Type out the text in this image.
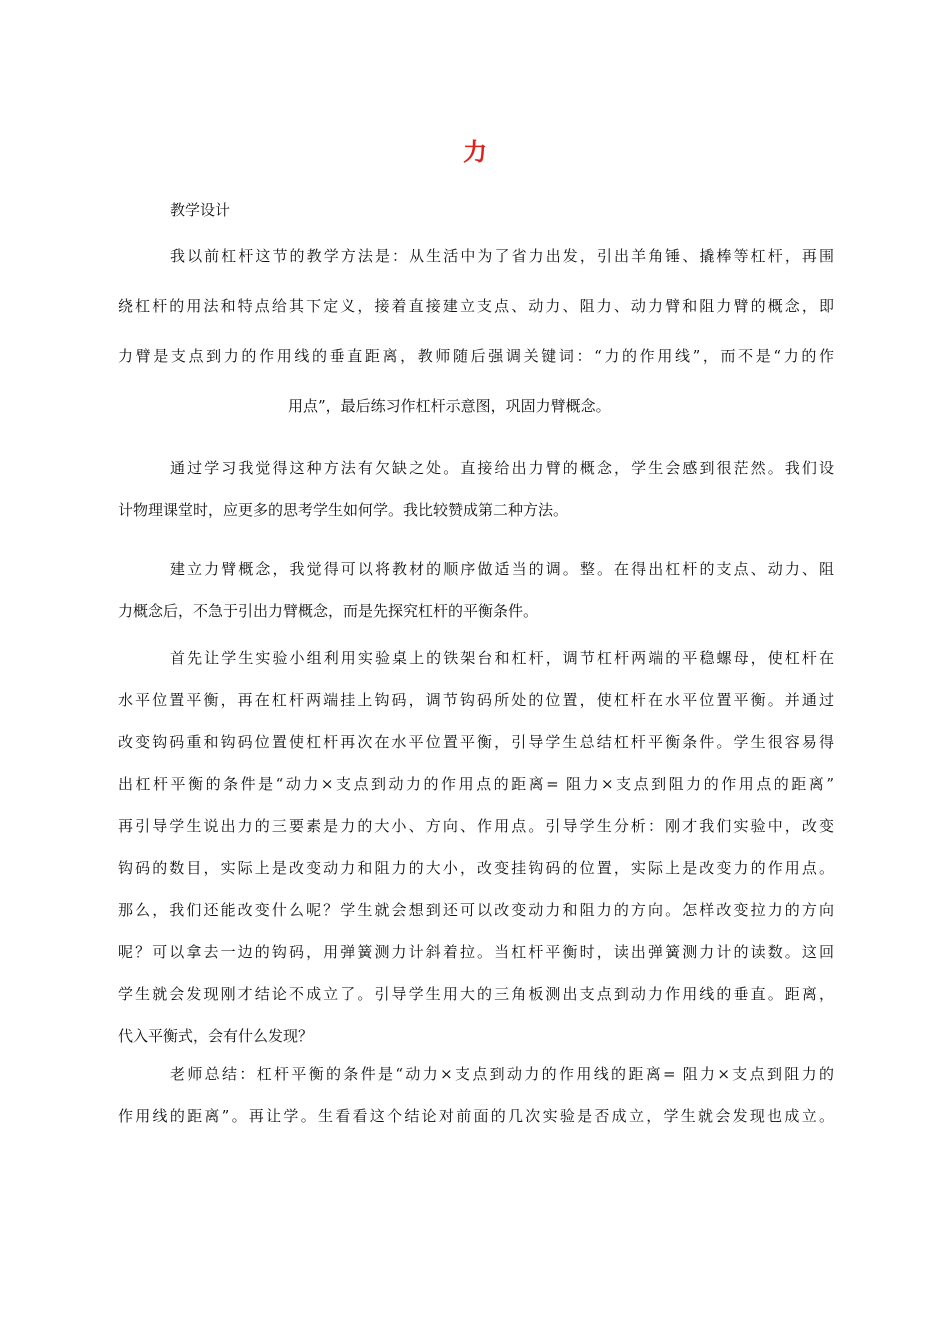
力
教学设计

我以前杠杆这节的教学方法是：从生活中为了省力出发，引出羊角锤、撬棒等杠杆，再围

绕杠杆的用法和特点给其下定义，接着直接建立支点、动力、阻力、动力臂和阻力臂的概念，即

力臂是支点到力的作用线的垂直距离，教师随后强调关键词：“力的作用线”，而不是“力的作

用点”，最后练习作杠杆示意图，巩固力臂概念。

通过学习我觉得这种方法有欠缺之处。直接给出力臂的概念，学生会感到很茫然。我们设

计物理课堂时，应更多的思考学生如何学。我比较赞成第二种方法。

建立力臂概念，我觉得可以将教材的顺序做适当的调。整。在得出杠杆的支点、动力、阻

力概念后，不急于引出力臂概念，而是先探究杠杆的平衡条件。

首先让学生实验小组利用实验桌上的铁架台和杠杆，调节杠杆两端的平稳螺母，使杠杆在

水平位置平衡，再在杠杆两端挂上钩码，调节钩码所处的位置，使杠杆在水平位置平衡。并通过

改变钩码重和钩码位置使杠杆再次在水平位置平衡，引导学生总结杠杆平衡条件。学生很容易得

出杠杆平衡的条件是“动力×支点到动力的作用点的距离= 阻力×支点到阻力的作用点的距离”

再引导学生说出力的三要素是力的大小、方向、作用点。引导学生分析：刚才我们实验中，改变

钩码的数目，实际上是改变动力和阻力的大小，改变挂钩码的位置，实际上是改变力的作用点。

那么，我们还能改变什么呢？学生就会想到还可以改变动力和阻力的方向。怎样改变拉力的方向

呢？可以拿去一边的钩码，用弹簧测力计斜着拉。当杠杆平衡时，读出弹簧测力计的读数。这回

学生就会发现刚才结论不成立了。引导学生用大的三角板测出支点到动力作用线的垂直。距离，

代入平衡式，会有什么发现？

老师总结：杠杆平衡的条件是“动力×支点到动力的作用线的距离= 阻力×支点到阻力的

作用线的距离”。再让学。生看看这个结论对前面的几次实验是否成立，学生就会发现也成立。
